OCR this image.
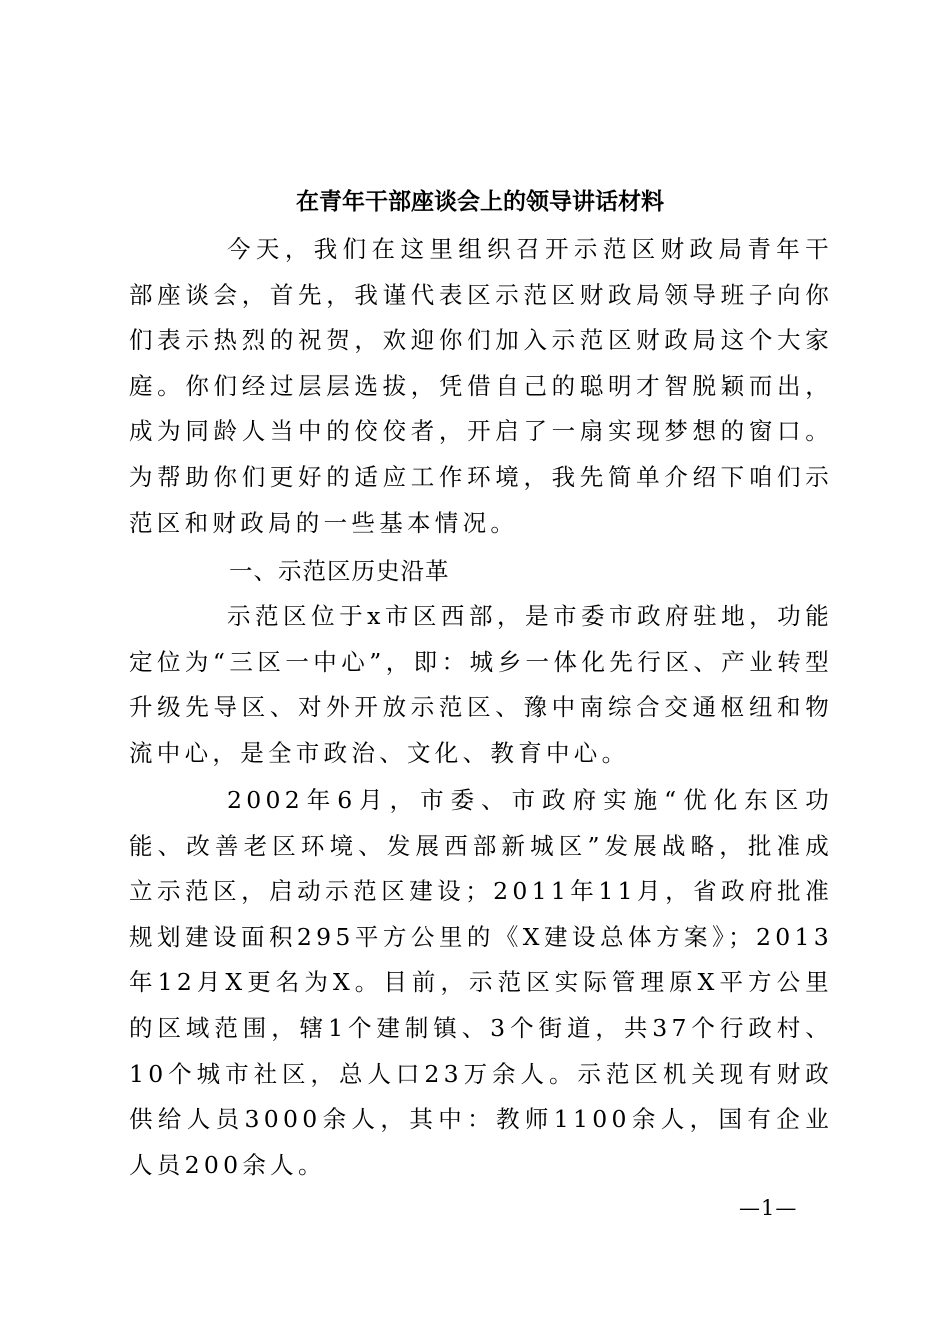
在青年干部座谈会上的领导讲话材料
今天，我们在这里组织召开示范区财政局青年干部座谈会，首先，我谨代表区示范区财政局领导班子向你们表示热烈的祝贺，欢迎你们加入示范区财政局这个大家庭。你们经过层层选拔，凭借自己的聪明才智脱颖而出，成为同龄人当中的佼佼者，开启了一扇实现梦想的窗口。为帮助你们更好的适应工作环境，我先简单介绍下咱们示范区和财政局的一些基本情况。
一、示范区历史沿革
示范区位于x市区西部，是市委市政府驻地，功能定位为“三区一中心”，即：城乡一体化先行区、产业转型升级先导区、对外开放示范区、豫中南综合交通枢纽和物流中心，是全市政治、文化、教育中心。
2002年6月，市委、市政府实施“优化东区功能、改善老区环境、发展西部新城区”发展战略，批准成立示范区，启动示范区建设；2011年11月，省政府批准规划建设面积295平方公里的《X建设总体方案》；2013年12月X更名为X。目前，示范区实际管理原X平方公里的区域范围，辖1个建制镇、3个街道，共37个行政村、10个城市社区，总人口23万余人。示范区机关现有财政供给人员3000余人，其中：教师1100余人，国有企业人员200余人。
—1—
